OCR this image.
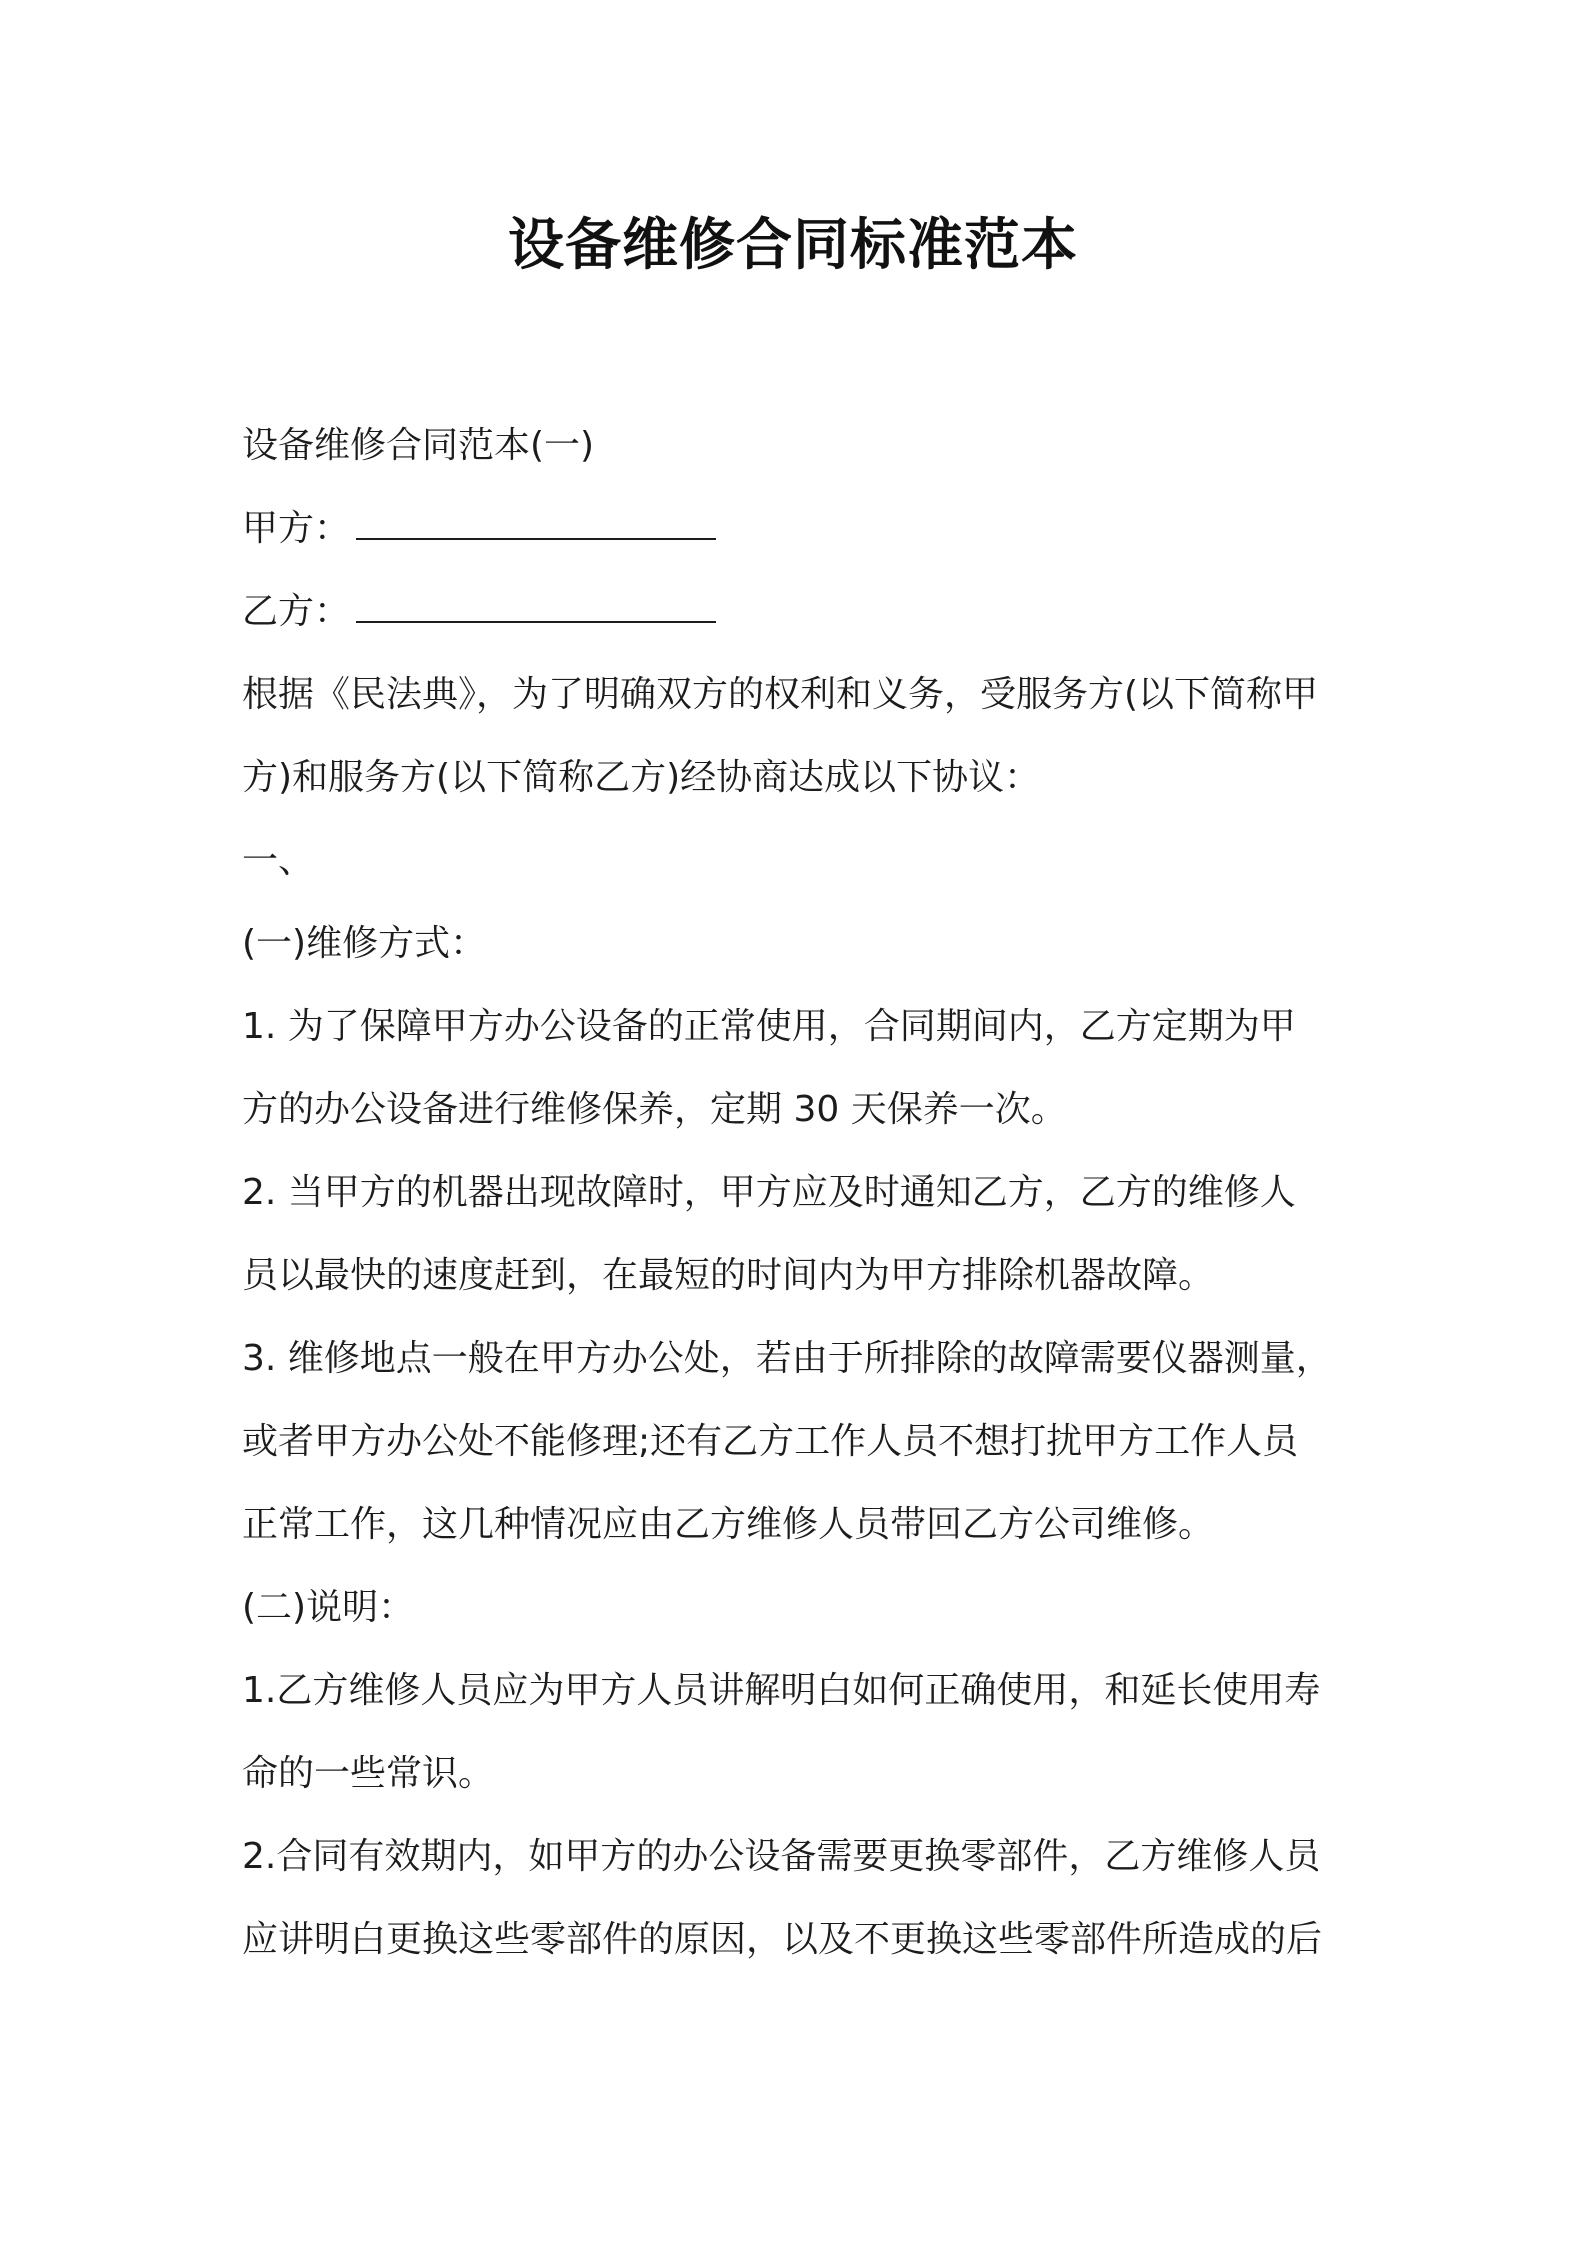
设备维修合同标准范本
设备维修合同范本(一)
甲方：
乙方：
根据《民法典》，为了明确双方的权利和义务，受服务方(以下简称甲
方)和服务方(以下简称乙方)经协商达成以下协议：
一、
(一)维修方式：
1. 为了保障甲方办公设备的正常使用，合同期间内，乙方定期为甲
方的办公设备进行维修保养，定期 30 天保养一次。
2. 当甲方的机器出现故障时，甲方应及时通知乙方，乙方的维修人
员以最快的速度赶到，在最短的时间内为甲方排除机器故障。
3. 维修地点一般在甲方办公处，若由于所排除的故障需要仪器测量，
或者甲方办公处不能修理;还有乙方工作人员不想打扰甲方工作人员
正常工作，这几种情况应由乙方维修人员带回乙方公司维修。
(二)说明：
1.乙方维修人员应为甲方人员讲解明白如何正确使用，和延长使用寿
命的一些常识。
2.合同有效期内，如甲方的办公设备需要更换零部件，乙方维修人员
应讲明白更换这些零部件的原因，以及不更换这些零部件所造成的后
